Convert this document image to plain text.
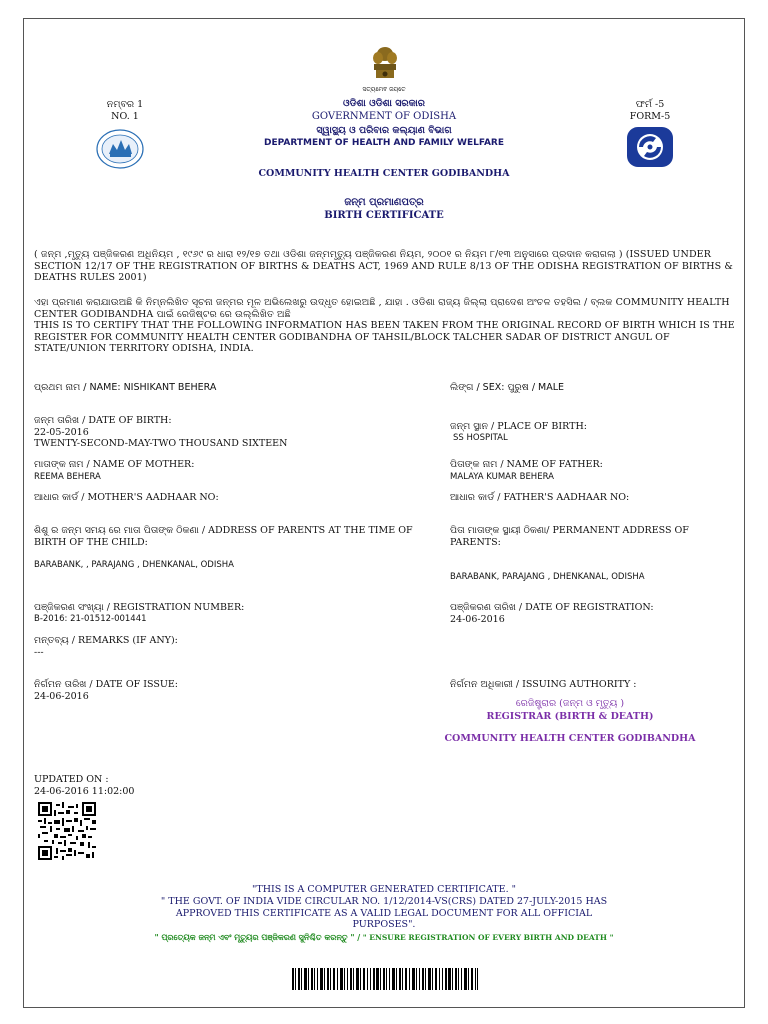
ସତ୍ୟମେବ ଜୟତେ
ନମ୍ବର 1
NO. 1
ଫର୍ମ -5
FORM-5
ଓଡିଶା ଓଡିଶା ସରକାର
GOVERNMENT OF ODISHA
ସ୍ୱାସ୍ଥ୍ୟ ଓ ପରିବାର କଲ୍ୟାଣ ବିଭାଗ
DEPARTMENT OF HEALTH AND FAMILY WELFARE
COMMUNITY HEALTH CENTER GODIBANDHA
ଜନ୍ମ ପ୍ରମାଣପତ୍ର
BIRTH CERTIFICATE
( ଜନ୍ମ ,ମୃତ୍ୟୁ ପଞ୍ଜିକରଣ ଅଧିନିୟମ , ୧୯୬୯ ର ଧାରା ୧୨/୧୭ ତଥା ଓଡିଶା ଜନ୍ମମୃତ୍ୟୁ ପଞ୍ଜିକରଣ ନିୟମ, ୨୦୦୧ ର ନିୟମ ୮/୧୩ ଅନୁସାରେ ପ୍ରଦାନ କରାଗଲା ) (ISSUED UNDER SECTION 12/17 OF THE REGISTRATION OF BIRTHS & DEATHS ACT, 1969 AND RULE 8/13 OF THE ODISHA REGISTRATION OF BIRTHS & DEATHS RULES 2001)
ଏହା ପ୍ରମାଣ କରାଯାଉଅଛି କି ନିମ୍ନଲିଖିତ ସୂଚନା ଜନ୍ମର ମୂଳ ଅଭିଲେଖରୁ ଉଦ୍ଧୃତ ହୋଇଅଛି , ଯାହା . ଓଡିଶା ରାଜ୍ୟ ଜିଲ୍ଲା ପ୍ରାଦେଶ ଅଂଚଳ ତହସିଲ / ବ୍ଲକ COMMUNITY HEALTH CENTER GODIBANDHA ପାଇଁ ରେଜିଷ୍ଟର ରେ ଉଲ୍ଲିଖିତ ଅଛି
THIS IS TO CERTIFY THAT THE FOLLOWING INFORMATION HAS BEEN TAKEN FROM THE ORIGINAL RECORD OF BIRTH WHICH IS THE REGISTER FOR COMMUNITY HEALTH CENTER GODIBANDHA OF TAHSIL/BLOCK TALCHER SADAR OF DISTRICT ANGUL OF STATE/UNION TERRITORY ODISHA, INDIA.
ପ୍ରଥମ ନାମ / NAME: NISHIKANT BEHERA	ଲିଙ୍ଗ / SEX: ପୁରୁଷ / MALE
ଜନ୍ମ ତାରିଖ / DATE OF BIRTH:
22-05-2016
TWENTY-SECOND-MAY-TWO THOUSAND SIXTEEN
ଜନ୍ମ ସ୍ଥାନ / PLACE OF BIRTH:
SS HOSPITAL
ମାତାଙ୍କ ନାମ / NAME OF MOTHER:
REEMA BEHERA
ପିତାଙ୍କ ନାମ / NAME OF FATHER:
MALAYA KUMAR BEHERA
ଆଧାର କାର୍ଡ / MOTHER'S AADHAAR NO:	ଆଧାର କାର୍ଡ / FATHER'S AADHAAR NO:
ଶିଶୁ ର ଜନ୍ମ ସମୟ ରେ ମାତା ପିତାଙ୍କ ଠିକଣା / ADDRESS OF PARENTS AT THE TIME OF BIRTH OF THE CHILD:
BARABANK, , PARAJANG , DHENKANAL, ODISHA
ପିତା ମାତାଙ୍କ ସ୍ଥାୟୀ ଠିକଣା/ PERMANENT ADDRESS OF PARENTS:
BARABANK, PARAJANG , DHENKANAL, ODISHA
ପଞ୍ଜିକରଣ ସଂଖ୍ୟା / REGISTRATION NUMBER:
B-2016: 21-01512-001441
ପଞ୍ଜିକରଣ ତାରିଖ / DATE OF REGISTRATION:
24-06-2016
ମନ୍ତବ୍ୟ / REMARKS (IF ANY):
---
ନିର୍ଗମନ ତାରିଖ / DATE OF ISSUE:
24-06-2016
ନିର୍ଗମନ ଅଧିକାରୀ / ISSUING AUTHORITY :
ରେଜିଷ୍ଟ୍ରାର (ଜନ୍ମ ଓ ମୃତ୍ୟୁ )
REGISTRAR (BIRTH & DEATH)
COMMUNITY HEALTH CENTER GODIBANDHA
UPDATED ON :
24-06-2016 11:02:00
"THIS IS A COMPUTER GENERATED CERTIFICATE. "
" THE GOVT. OF INDIA VIDE CIRCULAR NO. 1/12/2014-VS(CRS) DATED 27-JULY-2015 HAS APPROVED THIS CERTIFICATE AS A VALID LEGAL DOCUMENT FOR ALL OFFICIAL PURPOSES".
" ପ୍ରତ୍ୟେକ ଜନ୍ମ ଏବଂ ମୃତ୍ୟୁର ପଞ୍ଜିକରଣ ସୁନିଶ୍ଚିତ କରନ୍ତୁ " / " ENSURE REGISTRATION OF EVERY BIRTH AND DEATH "
